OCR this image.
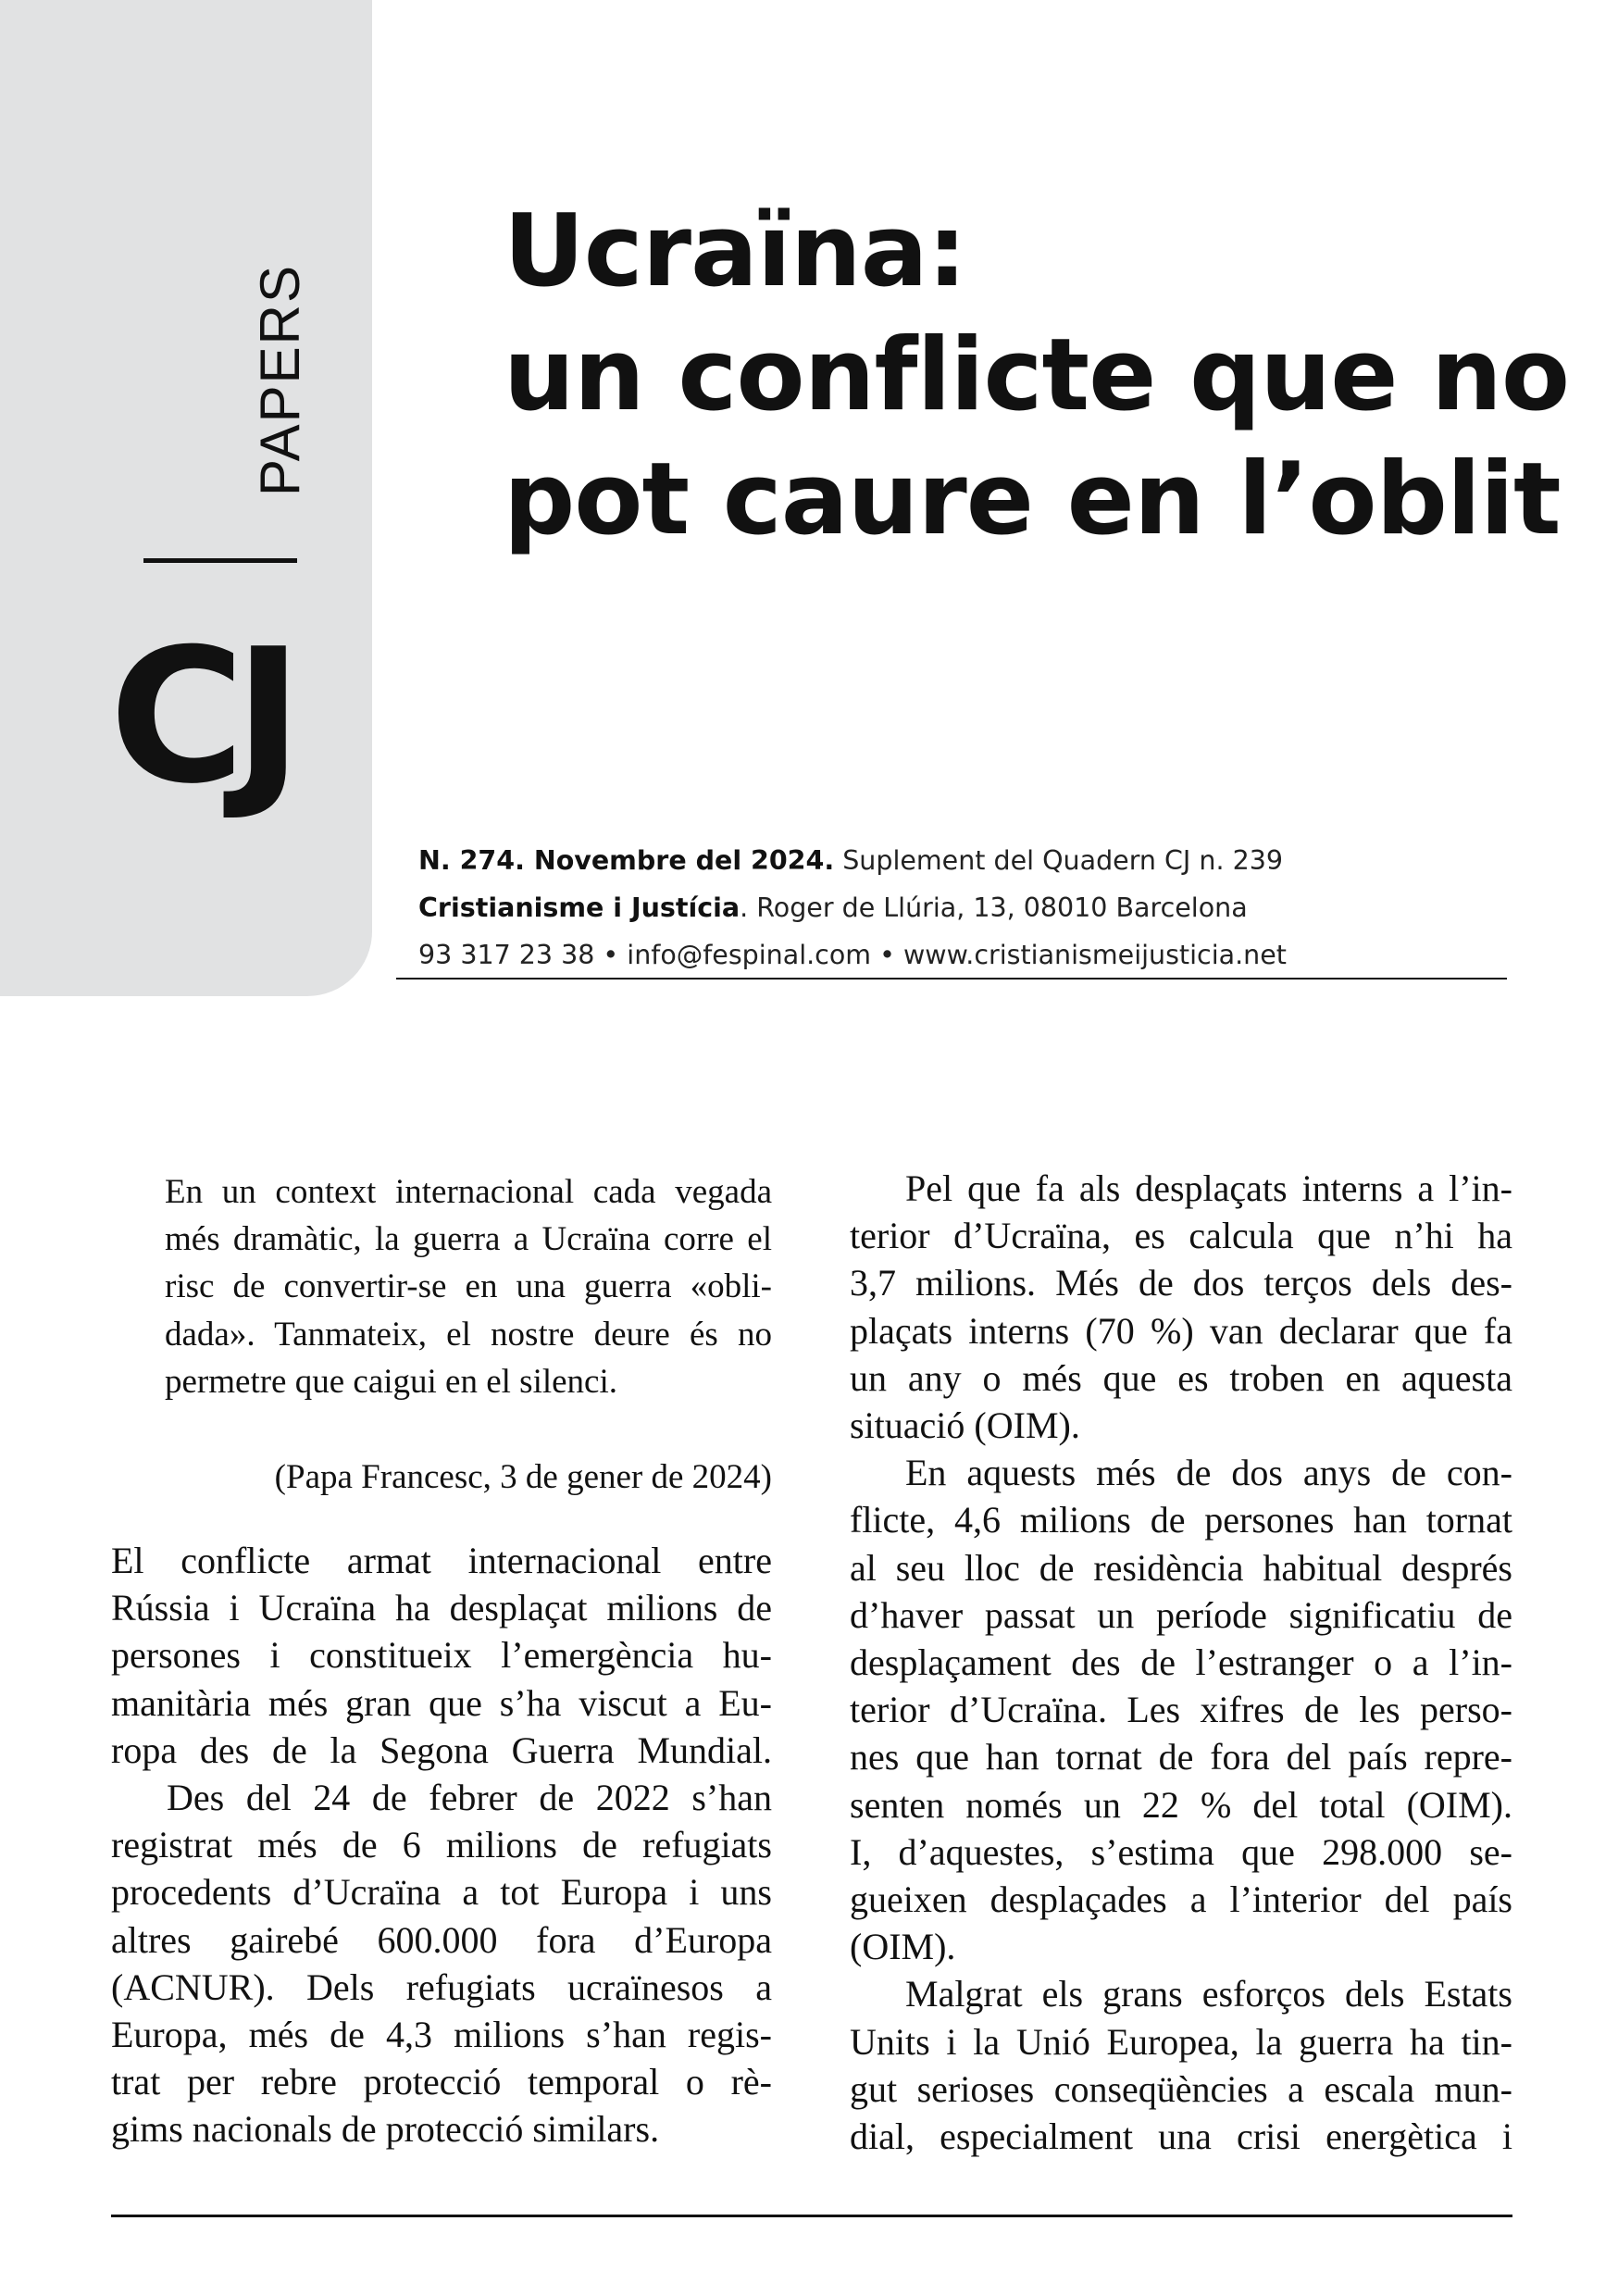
PAPERS
CJ
Ucraïna:
un conflicte que no
pot caure en l’oblit
N. 274. Novembre del 2024. Suplement del Quadern CJ n. 239
Cristianisme i Justícia. Roger de Llúria, 13, 08010 Barcelona
93 317 23 38 • info@fespinal.com • www.cristianismeijusticia.net

En un context internacional cada vegada
més dramàtic, la guerra a Ucraïna corre el
risc de convertir-se en una guerra «obli-
dada». Tanmateix, el nostre deure és no
permetre que caigui en el silenci.

(Papa Francesc, 3 de gener de 2024)

El conflicte armat internacional entre
Rússia i Ucraïna ha desplaçat milions de
persones i constitueix l’emergència hu-
manitària més gran que s’ha viscut a Eu-
ropa des de la Segona Guerra Mundial.

Des del 24 de febrer de 2022 s’han
registrat més de 6 milions de refugiats
procedents d’Ucraïna a tot Europa i uns
altres gairebé 600.000 fora d’Europa
(ACNUR). Dels refugiats ucraïnesos a
Europa, més de 4,3 milions s’han regis-
trat per rebre protecció temporal o rè-
gims nacionals de protecció similars.

Pel que fa als desplaçats interns a l’in-
terior d’Ucraïna, es calcula que n’hi ha
3,7 milions. Més de dos terços dels des-
plaçats interns (70 %) van declarar que fa
un any o més que es troben en aquesta
situació (OIM).

En aquests més de dos anys de con-
flicte, 4,6 milions de persones han tornat
al seu lloc de residència habitual després
d’haver passat un període significatiu de
desplaçament des de l’estranger o a l’in-
terior d’Ucraïna. Les xifres de les perso-
nes que han tornat de fora del país repre-
senten només un 22 % del total (OIM).
I, d’aquestes, s’estima que 298.000 se-
gueixen desplaçades a l’interior del país
(OIM).

Malgrat els grans esforços dels Estats
Units i la Unió Europea, la guerra ha tin-
gut serioses conseqüències a escala mun-
dial, especialment una crisi energètica i
